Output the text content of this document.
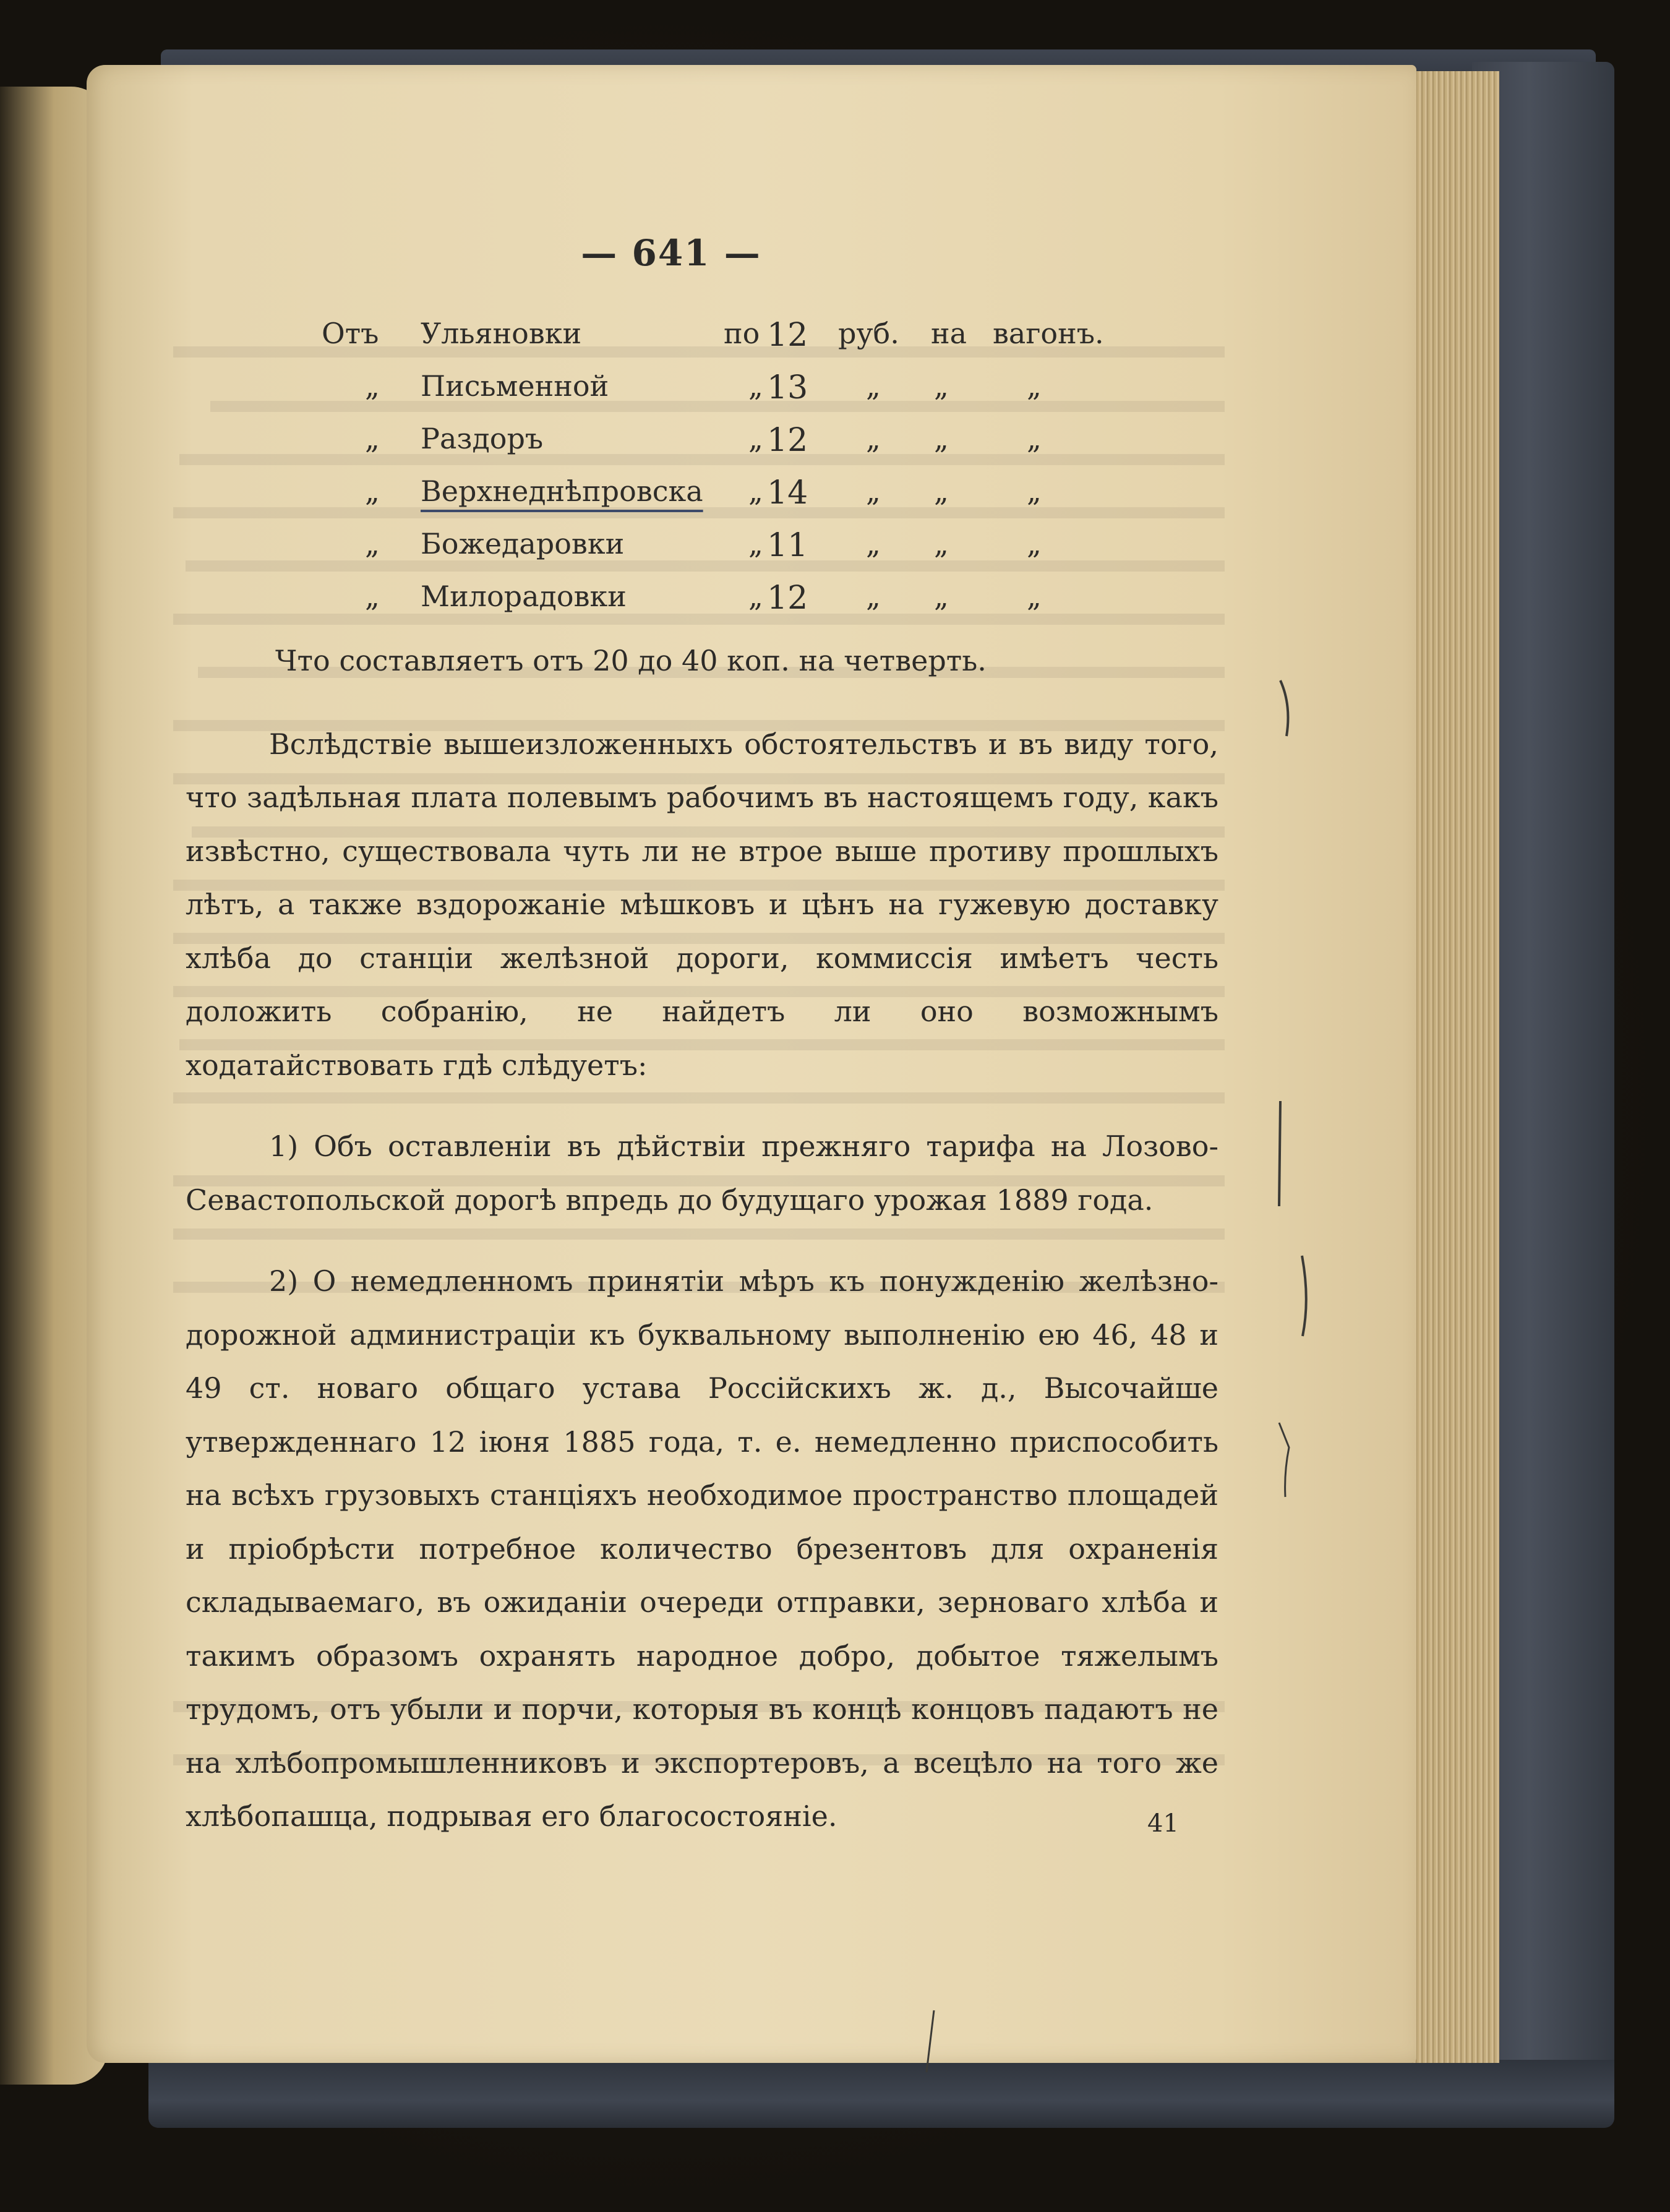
— 641 —
Отъ Ульяновки	по 12 руб. на вагонъ.
„ Письменной	„ 13 „ „	„
„ Раздоръ	„ 12 „ „	„
„ Верхнеднѣпровска „ 14 „ „	„
„ Божедаровки	„ 11 „ „	„
„ Милорадовки	„ 12 „ „	„

Что составляетъ отъ 20 до 40 коп. на четверть.

Вслѣдствіе вышеизложенныхъ обстоятельствъ и въ виду того, что задѣльная плата полевымъ рабочимъ въ настоящемъ году, какъ извѣстно, существовала чуть ли не втрое выше противу прошлыхъ лѣтъ, а также вздорожаніе мѣшковъ и цѣнъ на гужевую доставку хлѣба до станціи желѣзной дороги, коммиссія имѣетъ честь доложить собранію, не найдетъ ли оно возможнымъ ходатайствовать гдѣ слѣдуетъ:

1) Объ оставленіи въ дѣйствіи прежняго тарифа на Лозово-Севастопольской дорогѣ впредь до будущаго урожая 1889 года.

2) О немедленномъ принятіи мѣръ къ понужденію желѣзно-дорожной администраціи къ буквальному выполненію ею 46, 48 и 49 ст. новаго общаго устава Россійскихъ ж. д., Высочайше утвержденнаго 12 іюня 1885 года, т. е. немедленно приспособить на всѣхъ грузовыхъ станціяхъ необходимое пространство площадей и пріобрѣсти потребное количество брезентовъ для охраненія складываемаго, въ ожиданіи очереди отправки, зерноваго хлѣба и такимъ образомъ охранять народное добро, добытое тяжелымъ трудомъ, отъ убыли и порчи, которыя въ концѣ концовъ падаютъ не на хлѣбопромышленниковъ и экспортеровъ, а всецѣло на того же хлѣбопашца, подрывая его благосостояніе.	41
